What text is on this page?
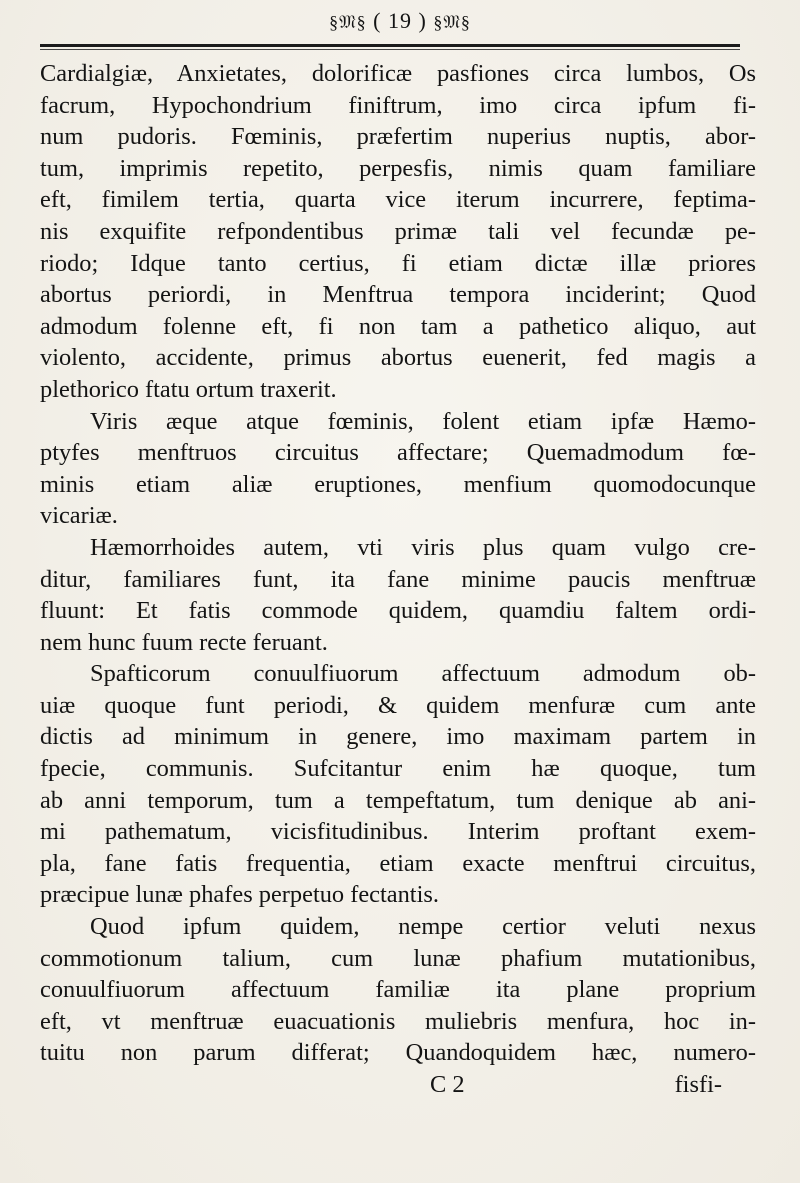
§𝔐§ ( 19 ) §𝔐§
Cardialgiæ, Anxietates, dolorificæ pasfiones circa lumbos, Os
facrum, Hypochondrium finiftrum, imo circa ipfum fi-
num pudoris. Fœminis, præfertim nuperius nuptis, abor-
tum, imprimis repetito, perpesfis, nimis quam familiare
eft, fimilem tertia, quarta vice iterum incurrere, feptima-
nis exquifite refpondentibus primæ tali vel fecundæ pe-
riodo; Idque tanto certius, fi etiam dictæ illæ priores
abortus periordi, in Menftrua tempora inciderint; Quod
admodum folenne eft, fi non tam a pathetico aliquo, aut
violento, accidente, primus abortus euenerit, fed magis a
plethorico ftatu ortum traxerit.
Viris æque atque fœminis, folent etiam ipfæ Hæmo-
ptyfes menftruos circuitus affectare; Quemadmodum fœ-
minis etiam aliæ eruptiones, menfium quomodocunque
vicariæ.
Hæmorrhoides autem, vti viris plus quam vulgo cre-
ditur, familiares funt, ita fane minime paucis menftruæ
fluunt: Et fatis commode quidem, quamdiu faltem ordi-
nem hunc fuum recte feruant.
Spafticorum conuulfiuorum affectuum admodum ob-
uiæ quoque funt periodi, & quidem menfuræ cum ante
dictis ad minimum in genere, imo maximam partem in
fpecie, communis. Sufcitantur enim hæ quoque, tum
ab anni temporum, tum a tempeftatum, tum denique ab ani-
mi pathematum, vicisfitudinibus. Interim proftant exem-
pla, fane fatis frequentia, etiam exacte menftrui circuitus,
præcipue lunæ phafes perpetuo fectantis.
Quod ipfum quidem, nempe certior veluti nexus
commotionum talium, cum lunæ phafium mutationibus,
conuulfiuorum affectuum familiæ ita plane proprium
eft, vt menftruæ euacuationis muliebris menfura, hoc in-
tuitu non parum differat; Quandoquidem hæc, numero-
C 2	fisfi-
